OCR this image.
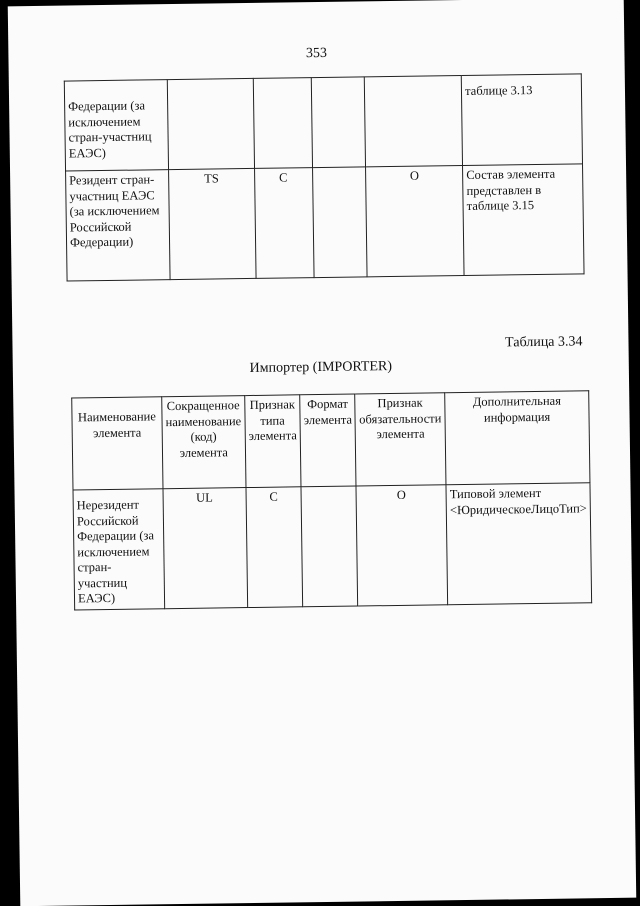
353
Федерации (за исключением стран-участниц ЕАЭС)					таблице 3.13
Резидент стран-участниц ЕАЭС (за исключением Российской Федерации)	TS	С		О	Состав элемента представлен в таблице 3.15
Таблица 3.34
Импортер (IMPORTER)
Наименование элемента	Сокращенное наименование (код) элемента	Признак типа элемента	Формат элемента	Признак обязательности элемента	Дополнительная информация
Нерезидент Российской Федерации (за исключением стран-участниц ЕАЭС)	UL	С		О	Типовой элемент <ЮридическоеЛицоТип>
